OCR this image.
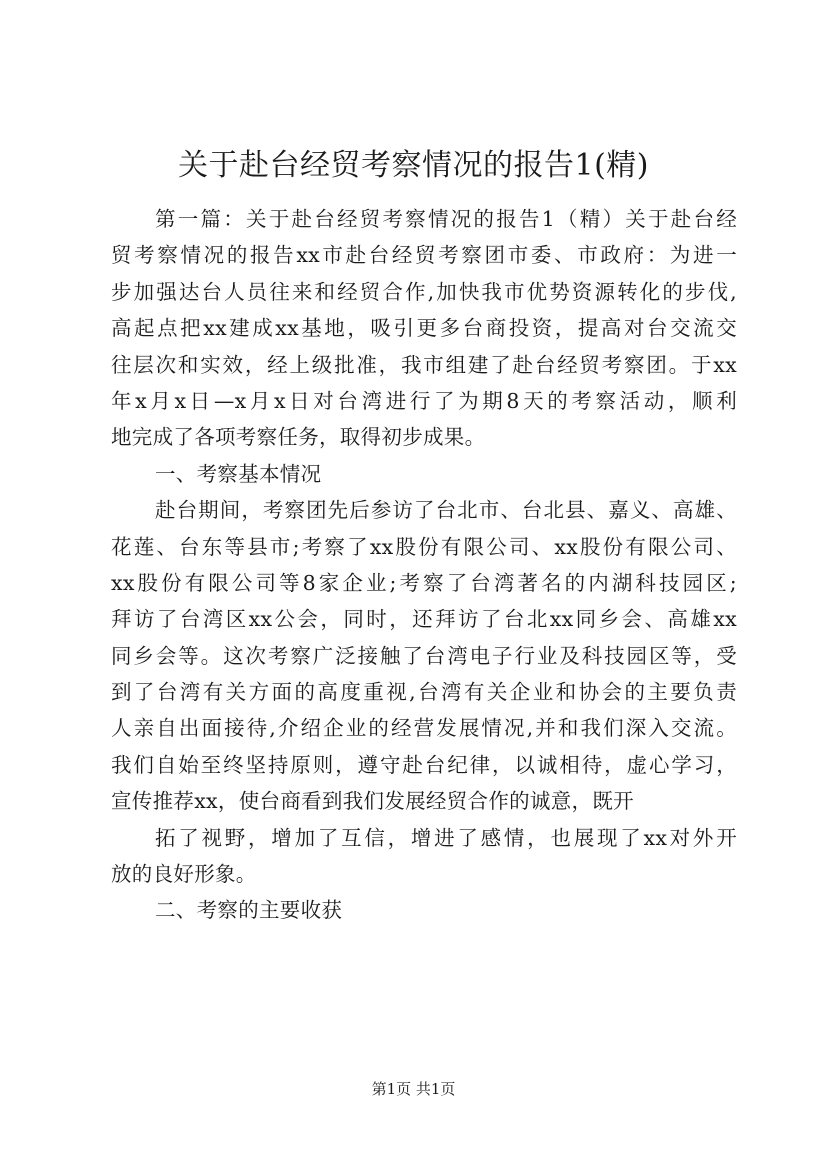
关于赴台经贸考察情况的报告1(精)
第一篇：关于赴台经贸考察情况的报告1（精）关于赴台经
贸考察情况的报告xx市赴台经贸考察团市委、市政府：为进一
步加强达台人员往来和经贸合作,加快我市优势资源转化的步伐,
高起点把xx建成xx基地，吸引更多台商投资，提高对台交流交
往层次和实效，经上级批准，我市组建了赴台经贸考察团。于xx
年x月x日—x月x日对台湾进行了为期8天的考察活动，顺利
地完成了各项考察任务，取得初步成果。
一、考察基本情况
赴台期间，考察团先后参访了台北市、台北县、嘉义、高雄、
花莲、台东等县市;考察了xx股份有限公司、xx股份有限公司、
xx股份有限公司等8家企业;考察了台湾著名的内湖科技园区;
拜访了台湾区xx公会，同时，还拜访了台北xx同乡会、高雄xx
同乡会等。这次考察广泛接触了台湾电子行业及科技园区等，受
到了台湾有关方面的高度重视,台湾有关企业和协会的主要负责
人亲自出面接待,介绍企业的经营发展情况,并和我们深入交流。
我们自始至终坚持原则，遵守赴台纪律，以诚相待，虚心学习，
宣传推荐xx，使台商看到我们发展经贸合作的诚意，既开
拓了视野，增加了互信，增进了感情，也展现了xx对外开
放的良好形象。
二、考察的主要收获
第1页 共1页
